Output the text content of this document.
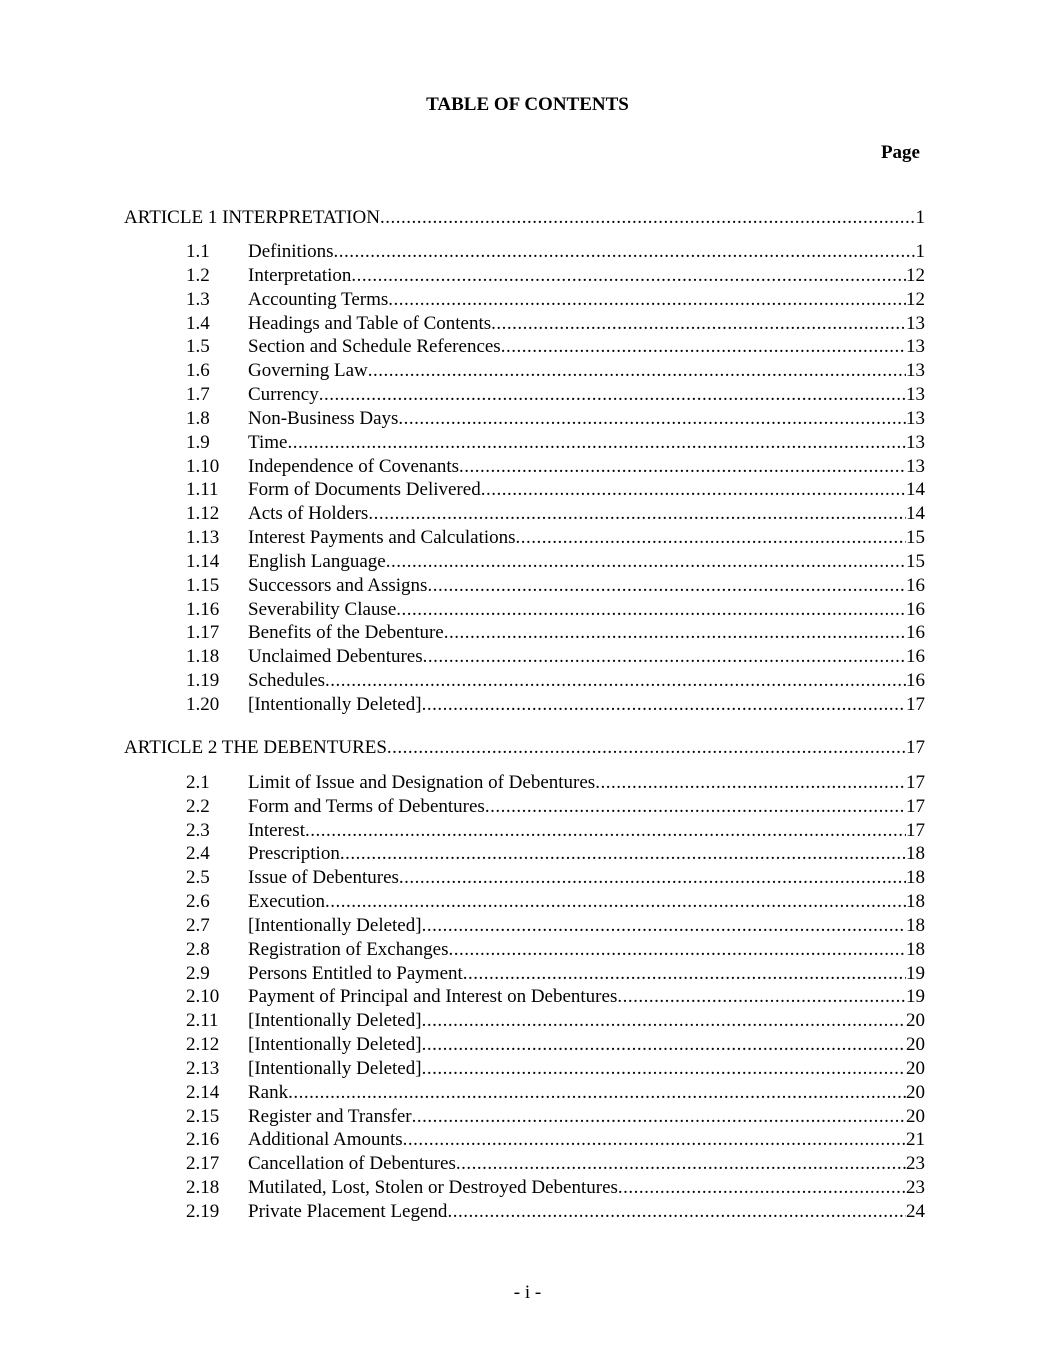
TABLE OF CONTENTS
Page
ARTICLE 1 INTERPRETATION .....	1
1.1	Definitions .....	1
1.2	Interpretation .....	12
1.3	Accounting Terms .....	12
1.4	Headings and Table of Contents .....	13
1.5	Section and Schedule References .....	13
1.6	Governing Law .....	13
1.7	Currency .....	13
1.8	Non-Business Days .....	13
1.9	Time .....	13
1.10	Independence of Covenants .....	13
1.11	Form of Documents Delivered .....	14
1.12	Acts of Holders .....	14
1.13	Interest Payments and Calculations .....	15
1.14	English Language .....	15
1.15	Successors and Assigns .....	16
1.16	Severability Clause .....	16
1.17	Benefits of the Debenture .....	16
1.18	Unclaimed Debentures .....	16
1.19	Schedules .....	16
1.20	[Intentionally Deleted] .....	17
ARTICLE 2 THE DEBENTURES .....	17
2.1	Limit of Issue and Designation of Debentures .....	17
2.2	Form and Terms of Debentures .....	17
2.3	Interest .....	17
2.4	Prescription .....	18
2.5	Issue of Debentures .....	18
2.6	Execution .....	18
2.7	[Intentionally Deleted] .....	18
2.8	Registration of Exchanges .....	18
2.9	Persons Entitled to Payment .....	19
2.10	Payment of Principal and Interest on Debentures .....	19
2.11	[Intentionally Deleted] .....	20
2.12	[Intentionally Deleted] .....	20
2.13	[Intentionally Deleted] .....	20
2.14	Rank .....	20
2.15	Register and Transfer .....	20
2.16	Additional Amounts .....	21
2.17	Cancellation of Debentures .....	23
2.18	Mutilated, Lost, Stolen or Destroyed Debentures .....	23
2.19	Private Placement Legend .....	24
- i -
